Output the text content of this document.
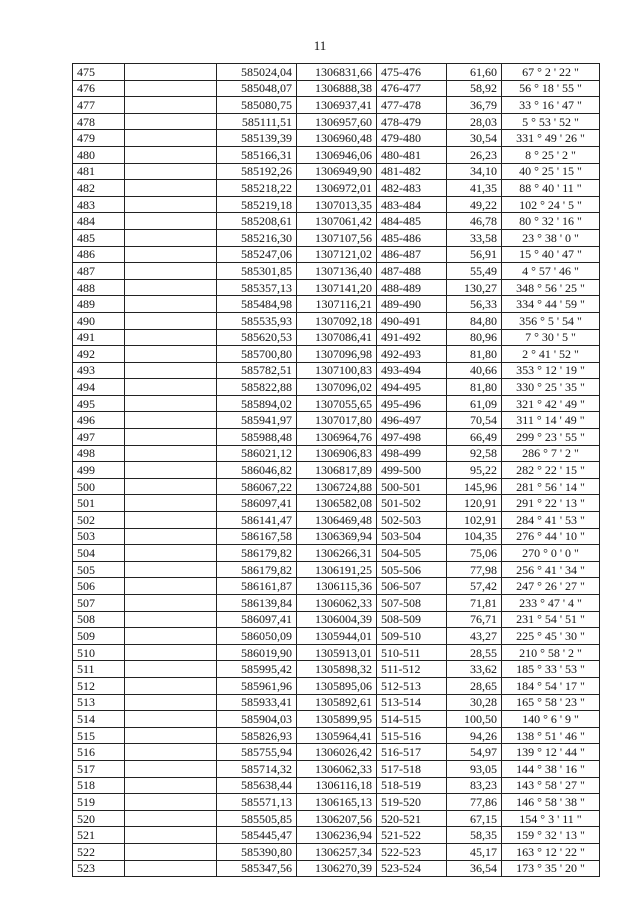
11
475		585024,04	1306831,66	475-476	61,60	67 ° 2 ' 22 "
476		585048,07	1306888,38	476-477	58,92	56 ° 18 ' 55 "
477		585080,75	1306937,41	477-478	36,79	33 ° 16 ' 47 "
478		585111,51	1306957,60	478-479	28,03	5 ° 53 ' 52 "
479		585139,39	1306960,48	479-480	30,54	331 ° 49 ' 26 "
480		585166,31	1306946,06	480-481	26,23	8 ° 25 ' 2 "
481		585192,26	1306949,90	481-482	34,10	40 ° 25 ' 15 "
482		585218,22	1306972,01	482-483	41,35	88 ° 40 ' 11 "
483		585219,18	1307013,35	483-484	49,22	102 ° 24 ' 5 "
484		585208,61	1307061,42	484-485	46,78	80 ° 32 ' 16 "
485		585216,30	1307107,56	485-486	33,58	23 ° 38 ' 0 "
486		585247,06	1307121,02	486-487	56,91	15 ° 40 ' 47 "
487		585301,85	1307136,40	487-488	55,49	4 ° 57 ' 46 "
488		585357,13	1307141,20	488-489	130,27	348 ° 56 ' 25 "
489		585484,98	1307116,21	489-490	56,33	334 ° 44 ' 59 "
490		585535,93	1307092,18	490-491	84,80	356 ° 5 ' 54 "
491		585620,53	1307086,41	491-492	80,96	7 ° 30 ' 5 "
492		585700,80	1307096,98	492-493	81,80	2 ° 41 ' 52 "
493		585782,51	1307100,83	493-494	40,66	353 ° 12 ' 19 "
494		585822,88	1307096,02	494-495	81,80	330 ° 25 ' 35 "
495		585894,02	1307055,65	495-496	61,09	321 ° 42 ' 49 "
496		585941,97	1307017,80	496-497	70,54	311 ° 14 ' 49 "
497		585988,48	1306964,76	497-498	66,49	299 ° 23 ' 55 "
498		586021,12	1306906,83	498-499	92,58	286 ° 7 ' 2 "
499		586046,82	1306817,89	499-500	95,22	282 ° 22 ' 15 "
500		586067,22	1306724,88	500-501	145,96	281 ° 56 ' 14 "
501		586097,41	1306582,08	501-502	120,91	291 ° 22 ' 13 "
502		586141,47	1306469,48	502-503	102,91	284 ° 41 ' 53 "
503		586167,58	1306369,94	503-504	104,35	276 ° 44 ' 10 "
504		586179,82	1306266,31	504-505	75,06	270 ° 0 ' 0 "
505		586179,82	1306191,25	505-506	77,98	256 ° 41 ' 34 "
506		586161,87	1306115,36	506-507	57,42	247 ° 26 ' 27 "
507		586139,84	1306062,33	507-508	71,81	233 ° 47 ' 4 "
508		586097,41	1306004,39	508-509	76,71	231 ° 54 ' 51 "
509		586050,09	1305944,01	509-510	43,27	225 ° 45 ' 30 "
510		586019,90	1305913,01	510-511	28,55	210 ° 58 ' 2 "
511		585995,42	1305898,32	511-512	33,62	185 ° 33 ' 53 "
512		585961,96	1305895,06	512-513	28,65	184 ° 54 ' 17 "
513		585933,41	1305892,61	513-514	30,28	165 ° 58 ' 23 "
514		585904,03	1305899,95	514-515	100,50	140 ° 6 ' 9 "
515		585826,93	1305964,41	515-516	94,26	138 ° 51 ' 46 "
516		585755,94	1306026,42	516-517	54,97	139 ° 12 ' 44 "
517		585714,32	1306062,33	517-518	93,05	144 ° 38 ' 16 "
518		585638,44	1306116,18	518-519	83,23	143 ° 58 ' 27 "
519		585571,13	1306165,13	519-520	77,86	146 ° 58 ' 38 "
520		585505,85	1306207,56	520-521	67,15	154 ° 3 ' 11 "
521		585445,47	1306236,94	521-522	58,35	159 ° 32 ' 13 "
522		585390,80	1306257,34	522-523	45,17	163 ° 12 ' 22 "
523		585347,56	1306270,39	523-524	36,54	173 ° 35 ' 20 "
